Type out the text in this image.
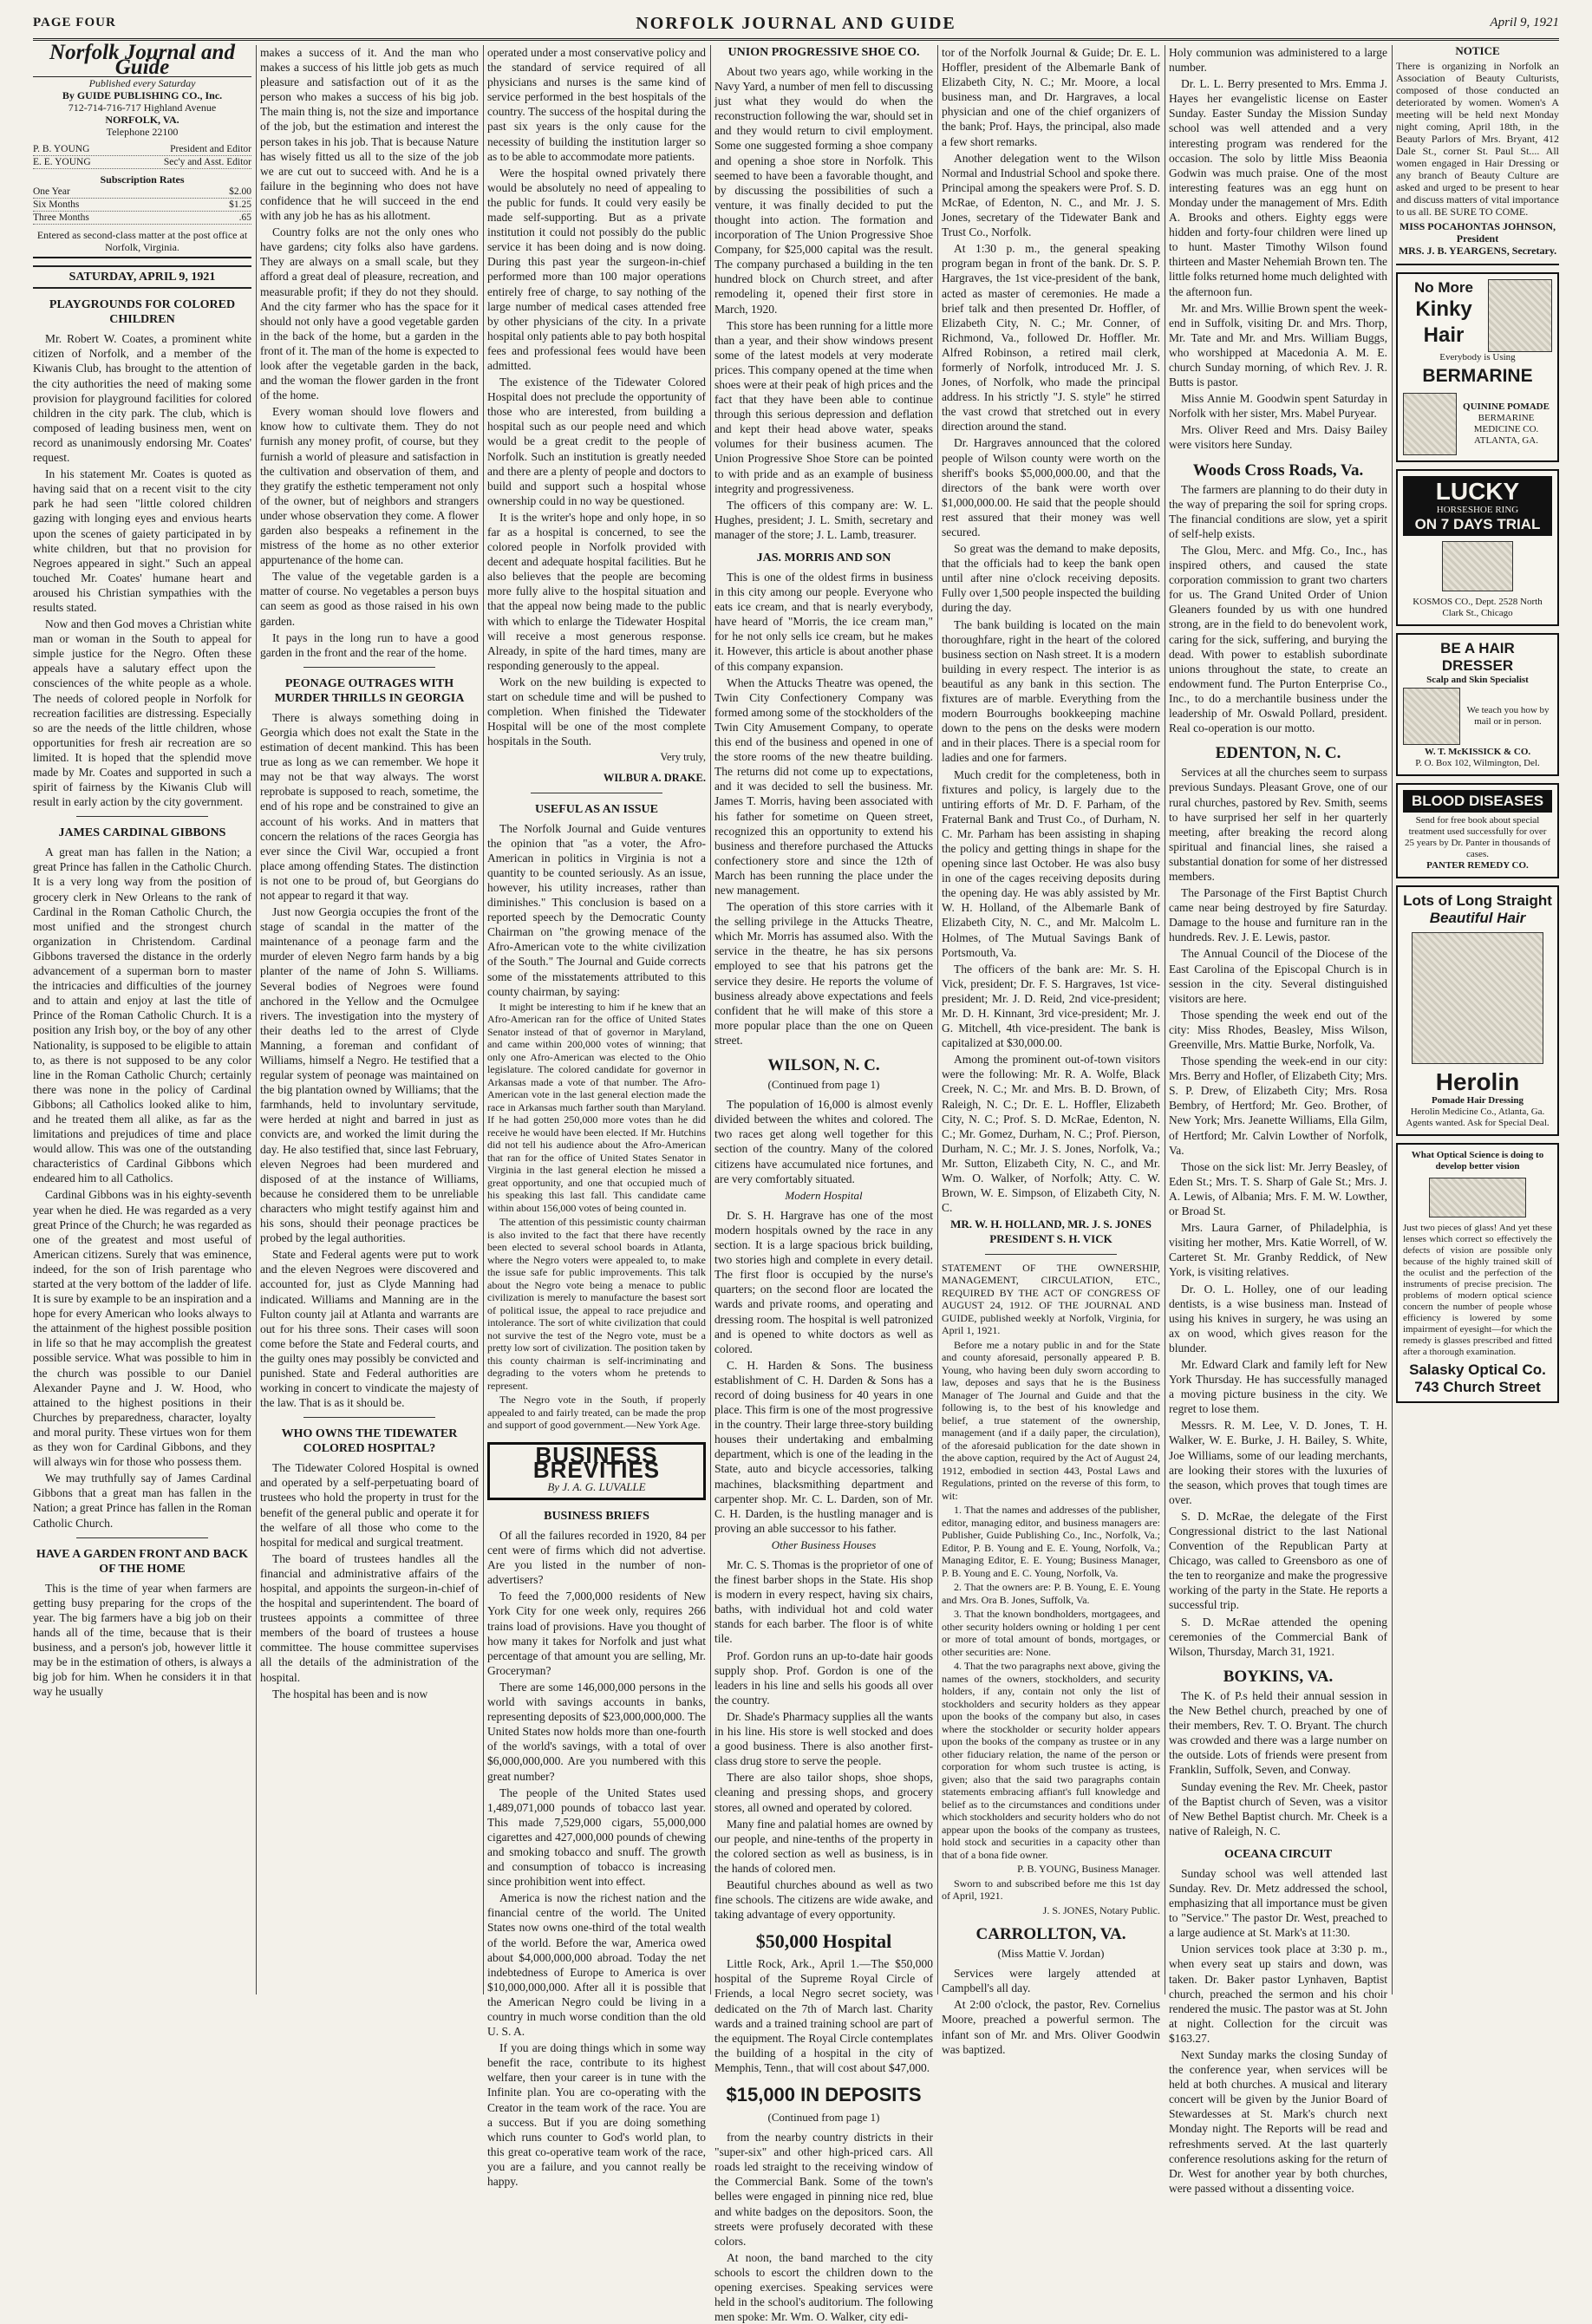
PAGE FOUR	NORFOLK JOURNAL AND GUIDE	April 9, 1921
Norfolk Journal and Guide
Published every Saturday
By GUIDE PUBLISHING CO., Inc.
712-714-716-717 Highland Avenue
NORFOLK, VA.
Telephone 22100
P. B. YOUNG	President and Editor
E. E. YOUNG	Sec'y and Asst. Editor
Subscription Rates
One Year	$2.00
Six Months	$1.25
Three Months	.65
Entered as second-class matter at the post office at Norfolk, Virginia.
SATURDAY, APRIL 9, 1921
PLAYGROUNDS FOR COLORED CHILDREN

Mr. Robert W. Coates, a prominent white citizen of Norfolk, and a member of the Kiwanis Club, has brought to the attention of the city authorities the need of making some provision for playground facilities for colored children in the city park. The club, which is composed of leading business men, went on record as unanimously endorsing Mr. Coates' request.

In his statement Mr. Coates is quoted as having said that on a recent visit to the city park he had seen "little colored children gazing with longing eyes and envious hearts upon the scenes of gaiety participated in by white children, but that no provision for Negroes appeared in sight." Such an appeal touched Mr. Coates' humane heart and aroused his Christian sympathies with the results stated.

Now and then God moves a Christian white man or woman in the South to appeal for simple justice for the Negro. Often these appeals have a salutary effect upon the consciences of the white people as a whole. The needs of colored people in Norfolk for recreation facilities are distressing. Especially so are the needs of the little children, whose opportunities for fresh air recreation are so limited. It is hoped that the splendid move made by Mr. Coates and supported in such a spirit of fairness by the Kiwanis Club will result in early action by the city government.

JAMES CARDINAL GIBBONS

A great man has fallen in the Nation; a great Prince has fallen in the Catholic Church. It is a very long way from the position of grocery clerk in New Orleans to the rank of Cardinal in the Roman Catholic Church, the most unified and the strongest church organization in Christendom. Cardinal Gibbons traversed the distance in the orderly advancement of a superman born to master the intricacies and difficulties of the journey and to attain and enjoy at last the title of Prince of the Roman Catholic Church. It is a position any Irish boy, or the boy of any other Nationality, is supposed to be eligible to attain to, as there is not supposed to be any color line in the Roman Catholic Church; certainly there was none in the policy of Cardinal Gibbons; all Catholics looked alike to him, and he treated them all alike, as far as the limitations and prejudices of time and place would allow. This was one of the outstanding characteristics of Cardinal Gibbons which endeared him to all Catholics.

Cardinal Gibbons was in his eighty-seventh year when he died. He was regarded as a very great Prince of the Church; he was regarded as one of the greatest and most useful of American citizens. Surely that was eminence, indeed, for the son of Irish parentage who started at the very bottom of the ladder of life. It is sure by example to be an inspiration and a hope for every American who looks always to the attainment of the highest possible position in life so that he may accomplish the greatest possible service. What was possible to him in the church was possible to our Daniel Alexander Payne and J. W. Hood, who attained to the highest positions in their Churches by preparedness, character, loyalty and moral purity. These virtues won for them as they won for Cardinal Gibbons, and they will always win for those who possess them.

We may truthfully say of James Cardinal Gibbons that a great man has fallen in the Nation; a great Prince has fallen in the Roman Catholic Church.

HAVE A GARDEN FRONT AND BACK OF THE HOME

This is the time of year when farmers are getting busy preparing for the crops of the year. The big farmers have a big job on their hands all of the time, because that is their business, and a person's job, however little it may be in the estimation of others, is always a big job for him. When he considers it in that way he usually

makes a success of it. And the man who makes a success of his little job gets as much pleasure and satisfaction out of it as the person who makes a success of his big job. The main thing is, not the size and importance of the job, but the estimation and interest the person takes in his job. That is because Nature has wisely fitted us all to the size of the job we are cut out to succeed with. And he is a failure in the beginning who does not have confidence that he will succeed in the end with any job he has as his allotment.

Country folks are not the only ones who have gardens; city folks also have gardens. They are always on a small scale, but they afford a great deal of pleasure, recreation, and measurable profit; if they do not they should. And the city farmer who has the space for it should not only have a good vegetable garden in the back of the home, but a garden in the front of it. The man of the home is expected to look after the vegetable garden in the back, and the woman the flower garden in the front of the home.

Every woman should love flowers and know how to cultivate them. They do not furnish any money profit, of course, but they furnish a world of pleasure and satisfaction in the cultivation and observation of them, and they gratify the esthetic temperament not only of the owner, but of neighbors and strangers under whose observation they come. A flower garden also bespeaks a refinement in the mistress of the home as no other exterior appurtenance of the home can.

The value of the vegetable garden is a matter of course. No vegetables a person buys can seem as good as those raised in his own garden.

It pays in the long run to have a good garden in the front and the rear of the home.

PEONAGE OUTRAGES WITH MURDER THRILLS IN GEORGIA

There is always something doing in Georgia which does not exalt the State in the estimation of decent mankind. This has been true as long as we can remember. We hope it may not be that way always. The worst reprobate is supposed to reach, sometime, the end of his rope and be constrained to give an account of his works. And in matters that concern the relations of the races Georgia has ever since the Civil War, occupied a front place among offending States. The distinction is not one to be proud of, but Georgians do not appear to regard it that way.

Just now Georgia occupies the front of the stage of scandal in the matter of the maintenance of a peonage farm and the murder of eleven Negro farm hands by a big planter of the name of John S. Williams. Several bodies of Negroes were found anchored in the Yellow and the Ocmulgee rivers. The investigation into the mystery of their deaths led to the arrest of Clyde Manning, a foreman and confidant of Williams, himself a Negro. He testified that a regular system of peonage was maintained on the big plantation owned by Williams; that the farmhands, held to involuntary servitude, were herded at night and barred in just as convicts are, and worked the limit during the day. He also testified that, since last February, eleven Negroes had been murdered and disposed of at the instance of Williams, because he considered them to be unreliable characters who might testify against him and his sons, should their peonage practices be probed by the legal authorities.

State and Federal agents were put to work and the eleven Negroes were discovered and accounted for, just as Clyde Manning had indicated. Williams and Manning are in the Fulton county jail at Atlanta and warrants are out for his three sons. Their cases will soon come before the State and Federal courts, and the guilty ones may possibly be convicted and punished. State and Federal authorities are working in concert to vindicate the majesty of the law. That is as it should be.

WHO OWNS THE TIDEWATER COLORED HOSPITAL?

The Tidewater Colored Hospital is owned and operated by a self-perpetuating board of trustees who hold the property in trust for the benefit of the general public and operate it for the welfare of all those who come to the hospital for medical and surgical treatment.

The board of trustees handles all the financial and administrative affairs of the hospital, and appoints the surgeon-in-chief of the hospital and superintendent. The board of trustees appoints a committee of three members of the board of trustees a house committee. The house committee supervises all the details of the administration of the hospital.

The hospital has been and is now

operated under a most conservative policy and the standard of service required of all physicians and nurses is the same kind of service performed in the best hospitals of the country. The success of the hospital during the past six years is the only cause for the necessity of building the institution larger so as to be able to accommodate more patients.

Were the hospital owned privately there would be absolutely no need of appealing to the public for funds. It could very easily be made self-supporting. But as a private institution it could not possibly do the public service it has been doing and is now doing. During this past year the surgeon-in-chief performed more than 100 major operations entirely free of charge, to say nothing of the large number of medical cases attended free by other physicians of the city. In a private hospital only patients able to pay both hospital fees and professional fees would have been admitted.

The existence of the Tidewater Colored Hospital does not preclude the opportunity of those who are interested, from building a hospital such as our people need and which would be a great credit to the people of Norfolk. Such an institution is greatly needed and there are a plenty of people and doctors to build and support such a hospital whose ownership could in no way be questioned.

It is the writer's hope and only hope, in so far as a hospital is concerned, to see the colored people in Norfolk provided with decent and adequate hospital facilities. But he also believes that the people are becoming more fully alive to the hospital situation and that the appeal now being made to the public with which to enlarge the Tidewater Hospital will receive a most generous response. Already, in spite of the hard times, many are responding generously to the appeal.

Work on the new building is expected to start on schedule time and will be pushed to completion. When finished the Tidewater Hospital will be one of the most complete hospitals in the South.

Very truly,
WILBUR A. DRAKE.
USEFUL AS AN ISSUE

The Norfolk Journal and Guide ventures the opinion that "as a voter, the Afro-American in politics in Virginia is not a quantity to be counted seriously. As an issue, however, his utility increases, rather than diminishes." This conclusion is based on a reported speech by the Democratic County Chairman on "the growing menace of the Afro-American vote to the white civilization of the South." The Journal and Guide corrects some of the misstatements attributed to this county chairman, by saying:

It might be interesting to him if he knew that an Afro-American ran for the office of United States Senator instead of that of governor in Maryland, and came within 200,000 votes of winning; that only one Afro-American was elected to the Ohio legislature. The colored candidate for governor in Arkansas made a vote of that number. The Afro-American vote in the last general election made the race in Arkansas much farther south than Maryland. If he had gotten 250,000 more votes than he did receive he would have been elected. If Mr. Hutchins did not tell his audience about the Afro-American that ran for the office of United States Senator in Virginia in the last general election he missed a great opportunity, and one that occupied much of his speaking this last fall. This candidate came within about 156,000 votes of being counted in.

The attention of this pessimistic county chairman is also invited to the fact that there have recently been elected to several school boards in Atlanta, where the Negro voters were appealed to, to make the issue safe for public improvements. This talk about the Negro vote being a menace to public civilization is merely to manufacture the basest sort of political issue, the appeal to race prejudice and intolerance. The sort of white civilization that could not survive the test of the Negro vote, must be a pretty low sort of civilization. The position taken by this county chairman is self-incriminating and degrading to the voters whom he pretends to represent.

The Negro vote in the South, if properly appealed to and fairly treated, can be made the prop and support of good government.—New York Age.

BUSINESS BREVITIES
By J. A. G. LUVALLE
BUSINESS BRIEFS

Of all the failures recorded in 1920, 84 per cent were of firms which did not advertise. Are you listed in the number of non-advertisers?

To feed the 7,000,000 residents of New York City for one week only, requires 266 trains load of provisions. Have you thought of how many it takes for Norfolk and just what percentage of that amount you are selling, Mr. Groceryman?

There are some 146,000,000 persons in the world with savings accounts in banks, representing deposits of $23,000,000,000. The United States now holds more than one-fourth of the world's savings, with a total of over $6,000,000,000. Are you numbered with this great number?

The people of the United States used 1,489,071,000 pounds of tobacco last year. This made 7,529,000 cigars, 55,000,000 cigarettes and 427,000,000 pounds of chewing and smoking tobacco and snuff. The growth and consumption of tobacco is increasing since prohibition went into effect.

America is now the richest nation and the financial centre of the world. The United States now owns one-third of the total wealth of the world. Before the war, America owed about $4,000,000,000 abroad. Today the net indebtedness of Europe to America is over $10,000,000,000. After all it is possible that the American Negro could be living in a country in much worse condition than the old U. S. A.

If you are doing things which in some way benefit the race, contribute to its highest welfare, then your career is in tune with the Infinite plan. You are co-operating with the Creator in the team work of the race. You are a success. But if you are doing something which runs counter to God's world plan, to this great co-operative team work of the race, you are a failure, and you cannot really be happy.

UNION PROGRESSIVE SHOE CO.

About two years ago, while working in the Navy Yard, a number of men fell to discussing just what they would do when the reconstruction following the war, should set in and they would return to civil employment. Some one suggested forming a shoe company and opening a shoe store in Norfolk. This seemed to have been a favorable thought, and by discussing the possibilities of such a venture, it was finally decided to put the thought into action. The formation and incorporation of The Union Progressive Shoe Company, for $25,000 capital was the result. The company purchased a building in the ten hundred block on Church street, and after remodeling it, opened their first store in March, 1920.

This store has been running for a little more than a year, and their show windows present some of the latest models at very moderate prices. This company opened at the time when shoes were at their peak of high prices and the fact that they have been able to continue through this serious depression and deflation and kept their head above water, speaks volumes for their business acumen. The Union Progressive Shoe Store can be pointed to with pride and as an example of business integrity and progressiveness.

The officers of this company are: W. L. Hughes, president; J. L. Smith, secretary and manager of the store; J. L. Lamb, treasurer.

JAS. MORRIS AND SON

This is one of the oldest firms in business in this city among our people. Everyone who eats ice cream, and that is nearly everybody, have heard of "Morris, the ice cream man," for he not only sells ice cream, but he makes it. However, this article is about another phase of this company expansion.

When the Attucks Theatre was opened, the Twin City Confectionery Company was formed among some of the stockholders of the Twin City Amusement Company, to operate this end of the business and opened in one of the store rooms of the new theatre building. The returns did not come up to expectations, and it was decided to sell the business. Mr. James T. Morris, having been associated with his father for sometime on Queen street, recognized this an opportunity to extend his business and therefore purchased the Attucks confectionery store and since the 12th of March has been running the place under the new management.

The operation of this store carries with it the selling privilege in the Attucks Theatre, which Mr. Morris has assumed also. With the service in the theatre, he has six persons employed to see that his patrons get the service they desire. He reports the volume of business already above expectations and feels confident that he will make of this store a more popular place than the one on Queen street.

WILSON, N. C.
(Continued from page 1)

The population of 16,000 is almost evenly divided between the whites and colored. The two races get along well together for this section of the country. Many of the colored citizens have accumulated nice fortunes, and are very comfortably situated.

Modern Hospital

Dr. S. H. Hargrave has one of the most modern hospitals owned by the race in any section. It is a large spacious brick building, two stories high and complete in every detail. The first floor is occupied by the nurse's quarters; on the second floor are located the wards and private rooms, and operating and dressing room. The hospital is well patronized and is opened to white doctors as well as colored.

C. H. Harden & Sons. The business establishment of C. H. Darden & Sons has a record of doing business for 40 years in one place. This firm is one of the most progressive in the country. Their large three-story building houses their undertaking and embalming department, which is one of the leading in the State, auto and bicycle accessories, talking machines, blacksmithing department and carpenter shop. Mr. C. L. Darden, son of Mr. C. H. Darden, is the hustling manager and is proving an able successor to his father.

Other Business Houses

Mr. C. S. Thomas is the proprietor of one of the finest barber shops in the State. His shop is modern in every respect, having six chairs, baths, with individual hot and cold water stands for each barber. The floor is of white tile.

Prof. Gordon runs an up-to-date hair goods supply shop. Prof. Gordon is one of the leaders in his line and sells his goods all over the country.

Dr. Shade's Pharmacy supplies all the wants in his line. His store is well stocked and does a good business. There is also another first-class drug store to serve the people.

There are also tailor shops, shoe shops, cleaning and pressing shops, and grocery stores, all owned and operated by colored.

Many fine and palatial homes are owned by our people, and nine-tenths of the property in the colored section as well as business, is in the hands of colored men.

Beautiful churches abound as well as two fine schools. The citizens are wide awake, and taking advantage of every opportunity.

$50,000 Hospital

Little Rock, Ark., April 1.—The $50,000 hospital of the Supreme Royal Circle of Friends, a local Negro secret society, was dedicated on the 7th of March last. Charity wards and a trained training school are part of the equipment. The Royal Circle contemplates the building of a hospital in the city of Memphis, Tenn., that will cost about $47,000.

$15,000 IN DEPOSITS
(Continued from page 1)

from the nearby country districts in their "super-six" and other high-priced cars. All roads led straight to the receiving window of the Commercial Bank. Some of the town's belles were engaged in pinning nice red, blue and white badges on the depositors. Soon, the streets were profusely decorated with these colors.

At noon, the band marched to the city schools to escort the children down to the opening exercises. Speaking services were held in the school's auditorium. The following men spoke: Mr. Wm. O. Walker, city edi-

tor of the Norfolk Journal & Guide; Dr. E. L. Hoffler, president of the Albemarle Bank of Elizabeth City, N. C.; Mr. Moore, a local business man, and Dr. Hargraves, a local physician and one of the chief organizers of the bank; Prof. Hays, the principal, also made a few short remarks.

Another delegation went to the Wilson Normal and Industrial School and spoke there. Principal among the speakers were Prof. S. D. McRae, of Edenton, N. C., and Mr. J. S. Jones, secretary of the Tidewater Bank and Trust Co., Norfolk.

At 1:30 p. m., the general speaking program began in front of the bank. Dr. S. P. Hargraves, the 1st vice-president of the bank, acted as master of ceremonies. He made a brief talk and then presented Dr. Hoffler, of Elizabeth City, N. C.; Mr. Conner, of Richmond, Va., followed Dr. Hoffler. Mr. Alfred Robinson, a retired mail clerk, formerly of Norfolk, introduced Mr. J. S. Jones, of Norfolk, who made the principal address. In his strictly "J. S. style" he stirred the vast crowd that stretched out in every direction around the stand.

Dr. Hargraves announced that the colored people of Wilson county were worth on the sheriff's books $5,000,000.00, and that the directors of the bank were worth over $1,000,000.00. He said that the people should rest assured that their money was well secured.

So great was the demand to make deposits, that the officials had to keep the bank open until after nine o'clock receiving deposits. Fully over 1,500 people inspected the building during the day.

The bank building is located on the main thoroughfare, right in the heart of the colored business section on Nash street. It is a modern building in every respect. The interior is as beautiful as any bank in this section. The fixtures are of marble. Everything from the modern Bourroughs bookkeeping machine down to the pens on the desks were modern and in their places. There is a special room for ladies and one for farmers.

Much credit for the completeness, both in fixtures and policy, is largely due to the untiring efforts of Mr. D. F. Parham, of the Fraternal Bank and Trust Co., of Durham, N. C. Mr. Parham has been assisting in shaping the policy and getting things in shape for the opening since last October. He was also busy in one of the cages receiving deposits during the opening day. He was ably assisted by Mr. W. H. Holland, of the Albemarle Bank of Elizabeth City, N. C., and Mr. Malcolm L. Holmes, of The Mutual Savings Bank of Portsmouth, Va.

The officers of the bank are: Mr. S. H. Vick, president; Dr. F. S. Hargraves, 1st vice-president; Mr. J. D. Reid, 2nd vice-president; Mr. D. H. Kinnant, 3rd vice-president; Mr. J. G. Mitchell, 4th vice-president. The bank is capitalized at $30,000.00.

Among the prominent out-of-town visitors were the following: Mr. R. A. Wolfe, Black Creek, N. C.; Mr. and Mrs. B. D. Brown, of Raleigh, N. C.; Dr. E. L. Hoffler, Elizabeth City, N. C.; Prof. S. D. McRae, Edenton, N. C.; Mr. Gomez, Durham, N. C.; Prof. Pierson, Durham, N. C.; Mr. J. S. Jones, Norfolk, Va.; Mr. Sutton, Elizabeth City, N. C., and Mr. Wm. O. Walker, of Norfolk; Atty. C. W. Brown, W. E. Simpson, of Elizabeth City, N. C.

MR. W. H. HOLLAND, MR. J. S. JONES PRESIDENT S. H. VICK

STATEMENT OF THE OWNERSHIP, MANAGEMENT, CIRCULATION, ETC., REQUIRED BY THE ACT OF CONGRESS OF AUGUST 24, 1912. OF THE JOURNAL AND GUIDE, published weekly at Norfolk, Virginia, for April 1, 1921.

Before me a notary public in and for the State and county aforesaid, personally appeared P. B. Young, who having been duly sworn according to law, deposes and says that he is the Business Manager of The Journal and Guide and that the following is, to the best of his knowledge and belief, a true statement of the ownership, management (and if a daily paper, the circulation), of the aforesaid publication for the date shown in the above caption, required by the Act of August 24, 1912, embodied in section 443, Postal Laws and Regulations, printed on the reverse of this form, to wit:

1. That the names and addresses of the publisher, editor, managing editor, and business managers are: Publisher, Guide Publishing Co., Inc., Norfolk, Va.; Editor, P. B. Young and E. E. Young, Norfolk, Va.; Managing Editor, E. E. Young; Business Manager, P. B. Young and E. C. Young, Norfolk, Va.

2. That the owners are: P. B. Young, E. E. Young and Mrs. Ora B. Jones, Suffolk, Va.

3. That the known bondholders, mortgagees, and other security holders owning or holding 1 per cent or more of total amount of bonds, mortgages, or other securities are: None.

4. That the two paragraphs next above, giving the names of the owners, stockholders, and security holders, if any, contain not only the list of stockholders and security holders as they appear upon the books of the company but also, in cases where the stockholder or security holder appears upon the books of the company as trustee or in any other fiduciary relation, the name of the person or corporation for whom such trustee is acting, is given; also that the said two paragraphs contain statements embracing affiant's full knowledge and belief as to the circumstances and conditions under which stockholders and security holders who do not appear upon the books of the company as trustees, hold stock and securities in a capacity other than that of a bona fide owner.

P. B. YOUNG, Business Manager.

Sworn to and subscribed before me this 1st day of April, 1921.

J. S. JONES, Notary Public.

CARROLLTON, VA.
(Miss Mattie V. Jordan)

Services were largely attended at Campbell's all day.

At 2:00 o'clock, the pastor, Rev. Cornelius Moore, preached a powerful sermon. The infant son of Mr. and Mrs. Oliver Goodwin was baptized.

Holy communion was administered to a large number.

Dr. L. L. Berry presented to Mrs. Emma J. Hayes her evangelistic license on Easter Sunday. Easter Sunday the Mission Sunday school was well attended and a very interesting program was rendered for the occasion. The solo by little Miss Beaonia Godwin was much praise. One of the most interesting features was an egg hunt on Monday under the management of Mrs. Edith A. Brooks and others. Eighty eggs were hidden and forty-four children were lined up to hunt. Master Timothy Wilson found thirteen and Master Nehemiah Brown ten. The little folks returned home much delighted with the afternoon fun.

Mr. and Mrs. Willie Brown spent the week-end in Suffolk, visiting Dr. and Mrs. Thorp, Mr. Tate and Mr. and Mrs. William Buggs, who worshipped at Macedonia A. M. E. church Sunday morning, of which Rev. J. R. Butts is pastor.

Miss Annie M. Goodwin spent Saturday in Norfolk with her sister, Mrs. Mabel Puryear.

Mrs. Oliver Reed and Mrs. Daisy Bailey were visitors here Sunday.

Woods Cross Roads, Va.

The farmers are planning to do their duty in the way of preparing the soil for spring crops. The financial conditions are slow, yet a spirit of self-help exists.

The Glou, Merc. and Mfg. Co., Inc., has inspired others, and caused the state corporation commission to grant two charters for us. The Grand United Order of Union Gleaners founded by us with one hundred strong, are in the field to do benevolent work, caring for the sick, suffering, and burying the dead. With power to establish subordinate unions throughout the state, to create an endowment fund. The Purton Enterprise Co., Inc., to do a merchantile business under the leadership of Mr. Oswald Pollard, president. Real co-operation is our motto.

EDENTON, N. C.

Services at all the churches seem to surpass previous Sundays. Pleasant Grove, one of our rural churches, pastored by Rev. Smith, seems to have surprised her self in her quarterly meeting, after breaking the record along spiritual and financial lines, she raised a substantial donation for some of her distressed members.

The Parsonage of the First Baptist Church came near being destroyed by fire Saturday. Damage to the house and furniture ran in the hundreds. Rev. J. E. Lewis, pastor.

The Annual Council of the Diocese of the East Carolina of the Episcopal Church is in session in the city. Several distinguished visitors are here.

Those spending the week end out of the city: Miss Rhodes, Beasley, Miss Wilson, Greenville, Mrs. Mattie Burke, Norfolk, Va.

Those spending the week-end in our city: Mrs. Berry and Hofler, of Elizabeth City; Mrs. S. P. Drew, of Elizabeth City; Mrs. Rosa Bembry, of Hertford; Mr. Geo. Brother, of New York; Mrs. Jeanette Williams, Ella Gilm, of Hertford; Mr. Calvin Lowther of Norfolk, Va.

Those on the sick list: Mr. Jerry Beasley, of Eden St.; Mrs. T. S. Sharp of Gale St.; Mrs. J. A. Lewis, of Albania; Mrs. F. M. W. Lowther, or Broad St.

Mrs. Laura Garner, of Philadelphia, is visiting her mother, Mrs. Katie Worrell, of W. Carteret St. Mr. Granby Reddick, of New York, is visiting relatives.

Dr. O. L. Holley, one of our leading dentists, is a wise business man. Instead of using his knives in surgery, he was using an ax on wood, which gives reason for the blunder.

Mr. Edward Clark and family left for New York Thursday. He has successfully managed a moving picture business in the city. We regret to lose them.

Messrs. R. M. Lee, V. D. Jones, T. H. Walker, W. E. Burke, J. H. Bailey, S. White, Joe Williams, some of our leading merchants, are looking their stores with the luxuries of the season, which proves that tough times are over.

S. D. McRae, the delegate of the First Congressional district to the last National Convention of the Republican Party at Chicago, was called to Greensboro as one of the ten to reorganize and make the progressive working of the party in the State. He reports a successful trip.

S. D. McRae attended the opening ceremonies of the Commercial Bank of Wilson, Thursday, March 31, 1921.

BOYKINS, VA.

The K. of P.s held their annual session in the New Bethel church, preached by one of their members, Rev. T. O. Bryant. The church was crowded and there was a large number on the outside. Lots of friends were present from Franklin, Suffolk, Seven, and Conway.

Sunday evening the Rev. Mr. Cheek, pastor of the Baptist church of Seven, was a visitor of New Bethel Baptist church. Mr. Cheek is a native of Raleigh, N. C.

OCEANA CIRCUIT

Sunday school was well attended last Sunday. Rev. Dr. Metz addressed the school, emphasizing that all importance must be given to "Service." The pastor Dr. West, preached to a large audience at St. Mark's at 11:30.

Union services took place at 3:30 p. m., when every seat up stairs and down, was taken. Dr. Baker pastor Lynhaven, Baptist church, preached the sermon and his choir rendered the music. The pastor was at St. John at night. Collection for the circuit was $163.27.

Next Sunday marks the closing Sunday of the conference year, when services will be held at both churches. A musical and literary concert will be given by the Junior Board of Stewardesses at St. Mark's church next Monday night. The Reports will be read and refreshments served. At the last quarterly conference resolutions asking for the return of Dr. West for another year by both churches, were passed without a dissenting voice.

NOTICE
There is organizing in Norfolk an Association of Beauty Culturists, composed of those conducted an deteriorated by women. Women's A meeting will be held next Monday night coming, April 18th, in the Beauty Parlors of Mrs. Bryant, 412 Dale St., corner St. Paul St.... All women engaged in Hair Dressing or any branch of Beauty Culture are asked and urged to be present to hear and discuss matters of vital importance to us all. BE SURE TO COME.
MISS POCAHONTAS JOHNSON, President
MRS. J. B. YEARGENS, Secretary.
No More
Kinky Hair
Everybody is Using
BERMARINE
QUININE POMADE
BERMARINE MEDICINE CO. ATLANTA, GA.
LUCKY
HORSESHOE RING
ON 7 DAYS TRIAL
KOSMOS CO., Dept. 2528 North Clark St., Chicago
BE A HAIR DRESSER
Scalp and Skin Specialist
We teach you how by mail or in person.
W. T. McKISSICK & CO.
P. O. Box 102, Wilmington, Del.
BLOOD DISEASES
Send for free book about special treatment used successfully for over 25 years by Dr. Panter in thousands of cases.
PANTER REMEDY CO.
Lots of Long Straight
Beautiful Hair
Herolin
Pomade Hair Dressing
Herolin Medicine Co., Atlanta, Ga. Agents wanted. Ask for Special Deal.
What Optical Science is doing to develop better vision
Just two pieces of glass! And yet these lenses which correct so effectively the defects of vision are possible only because of the highly trained skill of the oculist and the perfection of the instruments of precise precision. The problems of modern optical science concern the number of people whose efficiency is lowered by some impairment of eyesight—for which the remedy is glasses prescribed and fitted after a thorough examination.
Salasky Optical Co.
743 Church Street
